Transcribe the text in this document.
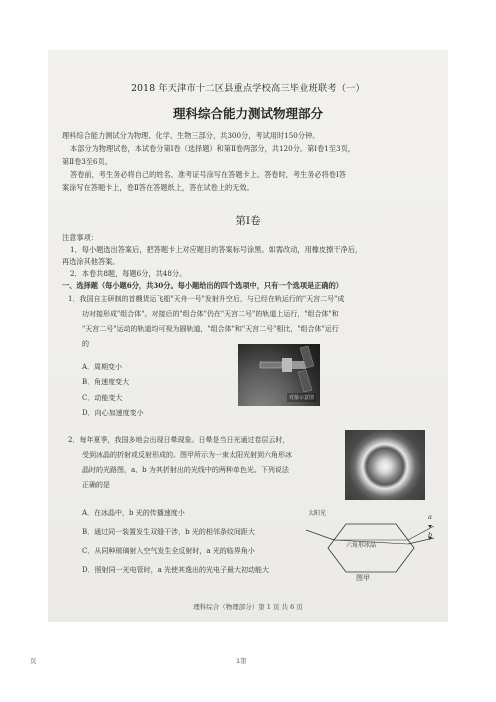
2018 年天津市十二区县重点学校高三毕业班联考（一）
理科综合能力测试物理部分
理科综合能力测试分为物理、化学、生物三部分，共300分，考试用时150分钟。
本部分为物理试卷，本试卷分第Ⅰ卷（选择题）和第Ⅱ卷两部分，共120分。第Ⅰ卷1至3页，
第Ⅱ卷3至6页。
答卷前，考生务必将自己的姓名、准考证号涂写在答题卡上。答卷时，考生务必将卷Ⅰ答
案涂写在答题卡上，卷Ⅱ答在答题纸上，答在试卷上的无效。
第Ⅰ卷
注意事项：
1．每小题选出答案后，把答题卡上对应题目的答案标号涂黑。如需改动，用橡皮擦干净后，
再选涂其他答案。
2．本卷共8题，每题6分，共48分。
一、选择题（每小题6分，共30分。每小题给出的四个选项中，只有一个选项是正确的）
1．我国自主研制的首艘货运飞船"天舟一号"发射升空后，与已经在轨运行的"天宫二号"成
功对接形成"组合体"。对接后的"组合体"仍在"天宫二号"的轨道上运行，"组合体"和
"天宫二号"运动的轨道均可视为圆轨道，"组合体"和"天宫二号"相比，"组合体"运行
的
A．周期变小
B．角速度变大
C．动能变大
D．向心加速度变小
对接示意图
2．每年夏季，我国多地会出现日晕现象。日晕是当日光通过卷层云时，
受到冰晶的折射或反射形成的。图甲所示为一束太阳光射到六角形冰
晶时的光路图，a、b 为其折射出的光线中的两种单色光。下列说法
正确的是
A．在冰晶中，b 光的传播速度小
B．通过同一装置发生双缝干涉，b 光的相邻条纹间距大
C．从同种玻璃射入空气发生全反射时，a 光的临界角小
D．照射同一光电管时，a 光使其逸出的光电子最大初动能大
太阳光
六角形冰晶
a
b
图甲
理科综合（物理部分）第 1 页 共 6 页
页	1第
